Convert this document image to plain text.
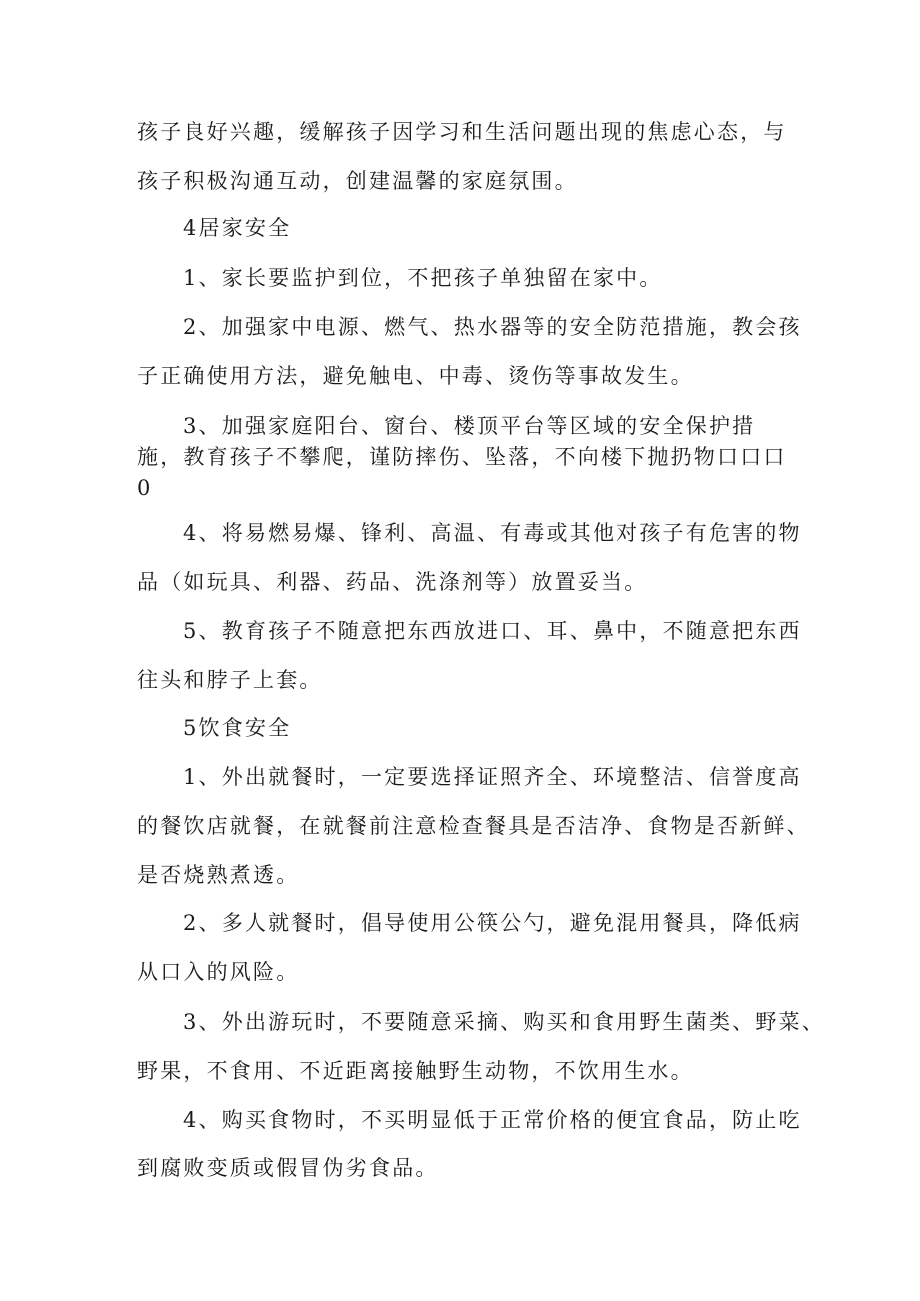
孩子良好兴趣，缓解孩子因学习和生活问题出现的焦虑心态，与
孩子积极沟通互动，创建温馨的家庭氛围。
4居家安全
1、家长要监护到位，不把孩子单独留在家中。
2、加强家中电源、燃气、热水器等的安全防范措施，教会孩
子正确使用方法，避免触电、中毒、烫伤等事故发生。
3、加强家庭阳台、窗台、楼顶平台等区域的安全保护措
施，教育孩子不攀爬，谨防摔伤、坠落，不向楼下抛扔物口口口
0
4、将易燃易爆、锋利、高温、有毒或其他对孩子有危害的物
品（如玩具、利器、药品、洗涤剂等）放置妥当。
5、教育孩子不随意把东西放进口、耳、鼻中，不随意把东西
往头和脖子上套。
5饮食安全
1、外出就餐时，一定要选择证照齐全、环境整洁、信誉度高
的餐饮店就餐，在就餐前注意检查餐具是否洁净、食物是否新鲜、
是否烧熟煮透。
2、多人就餐时，倡导使用公筷公勺，避免混用餐具，降低病
从口入的风险。
3、外出游玩时，不要随意采摘、购买和食用野生菌类、野菜、
野果，不食用、不近距离接触野生动物，不饮用生水。
4、购买食物时，不买明显低于正常价格的便宜食品，防止吃
到腐败变质或假冒伪劣食品。
